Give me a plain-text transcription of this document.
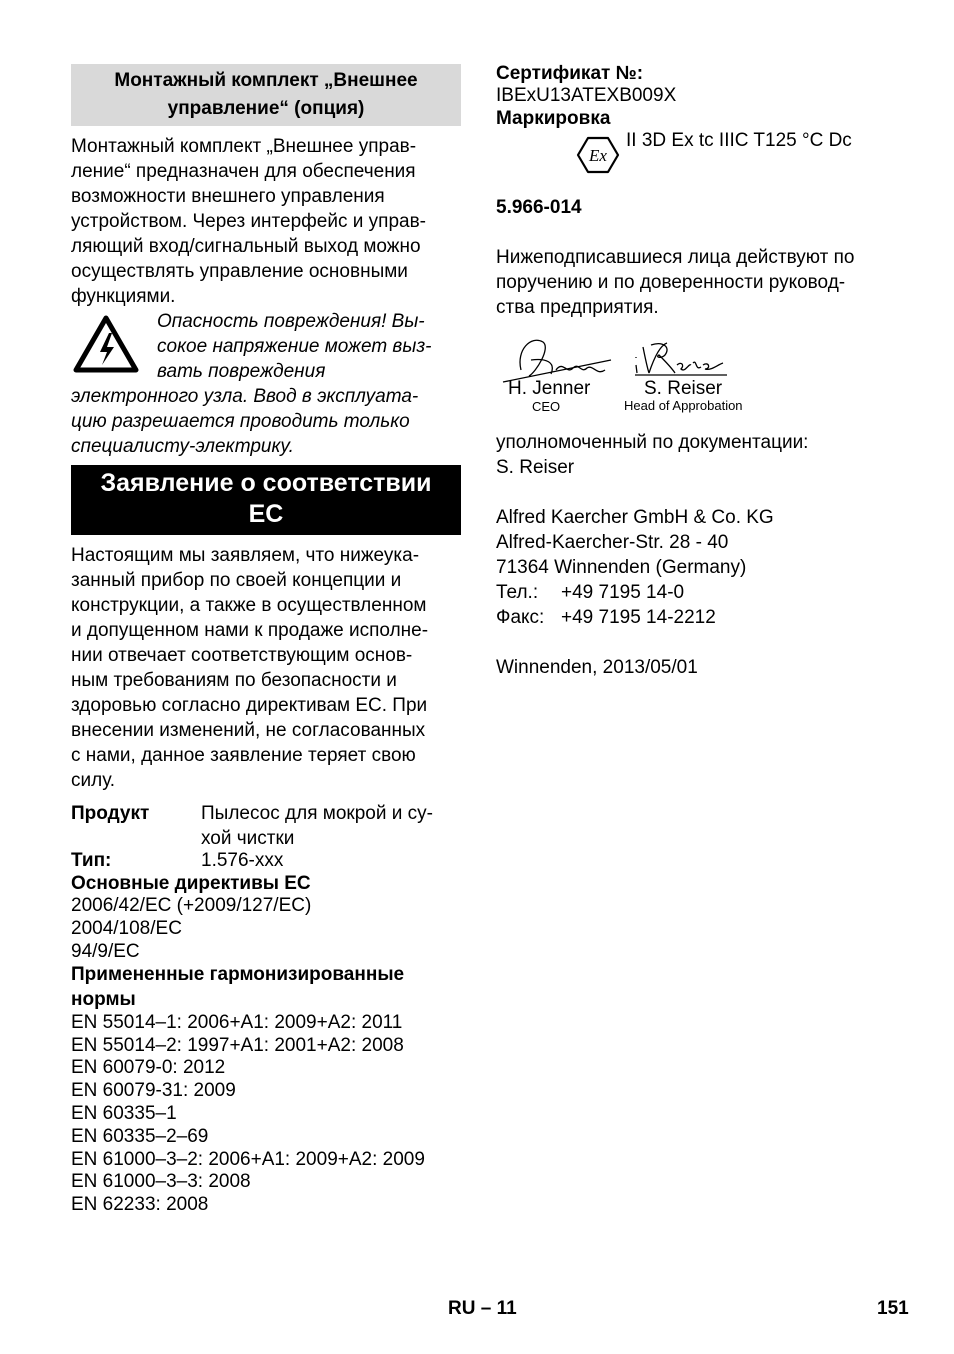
Монтажный комплект „Внешнее
управление“ (опция)
Монтажный комплект „Внешнее управ-
ление“ предназначен для обеспечения
возможности внешнего управления
устройством. Через интерфейс и управ-
ляющий вход/сигнальный выход можно
осуществлять управление основными
функциями.
Опасность повреждения! Вы-
сокое напряжение может выз-
вать повреждения
электронного узла. Ввод в эксплуата-
цию разрешается проводить только
специалисту-электрику.
Заявление о соответствии
ЕС
Настоящим мы заявляем, что нижеука-
занный прибор по своей концепции и
конструкции, а также в осуществленном
и допущенном нами к продаже исполне-
нии отвечает соответствующим основ-
ным требованиям по безопасности и
здоровью согласно директивам ЕС. При
внесении изменений, не согласованных
с нами, данное заявление теряет свою
силу.
Продукт	Пылесос для мокрой и су-
хой чистки
Тип:	1.576-xxx
Основные директивы ЕС
2006/42/EC (+2009/127/EC)
2004/108/EC
94/9/EC
Примененные гармонизированные
нормы
EN 55014–1: 2006+A1: 2009+A2: 2011
EN 55014–2: 1997+A1: 2001+A2: 2008
EN 60079-0: 2012
EN 60079-31: 2009
EN 60335–1
EN 60335–2–69
EN 61000–3–2: 2006+A1: 2009+A2: 2009
EN 61000–3–3: 2008
EN 62233: 2008
Сертификат №:
IBExU13ATEXB009X
Маркировка
Ex
II 3D Ex tc IIIC T125 °C Dc
5.966-014
Нижеподписавшиеся лица действуют по
поручению и по доверенности руковод-
ства предприятия.
H. Jenner
CEO
S. Reiser
Head of Approbation
уполномоченный по документации:
S. Reiser
Alfred Kaercher GmbH & Co. KG
Alfred-Kaercher-Str. 28 - 40
71364 Winnenden (Germany)
Тел.: +49 7195 14-0
Факс: +49 7195 14-2212
Winnenden, 2013/05/01
RU – 11	151
